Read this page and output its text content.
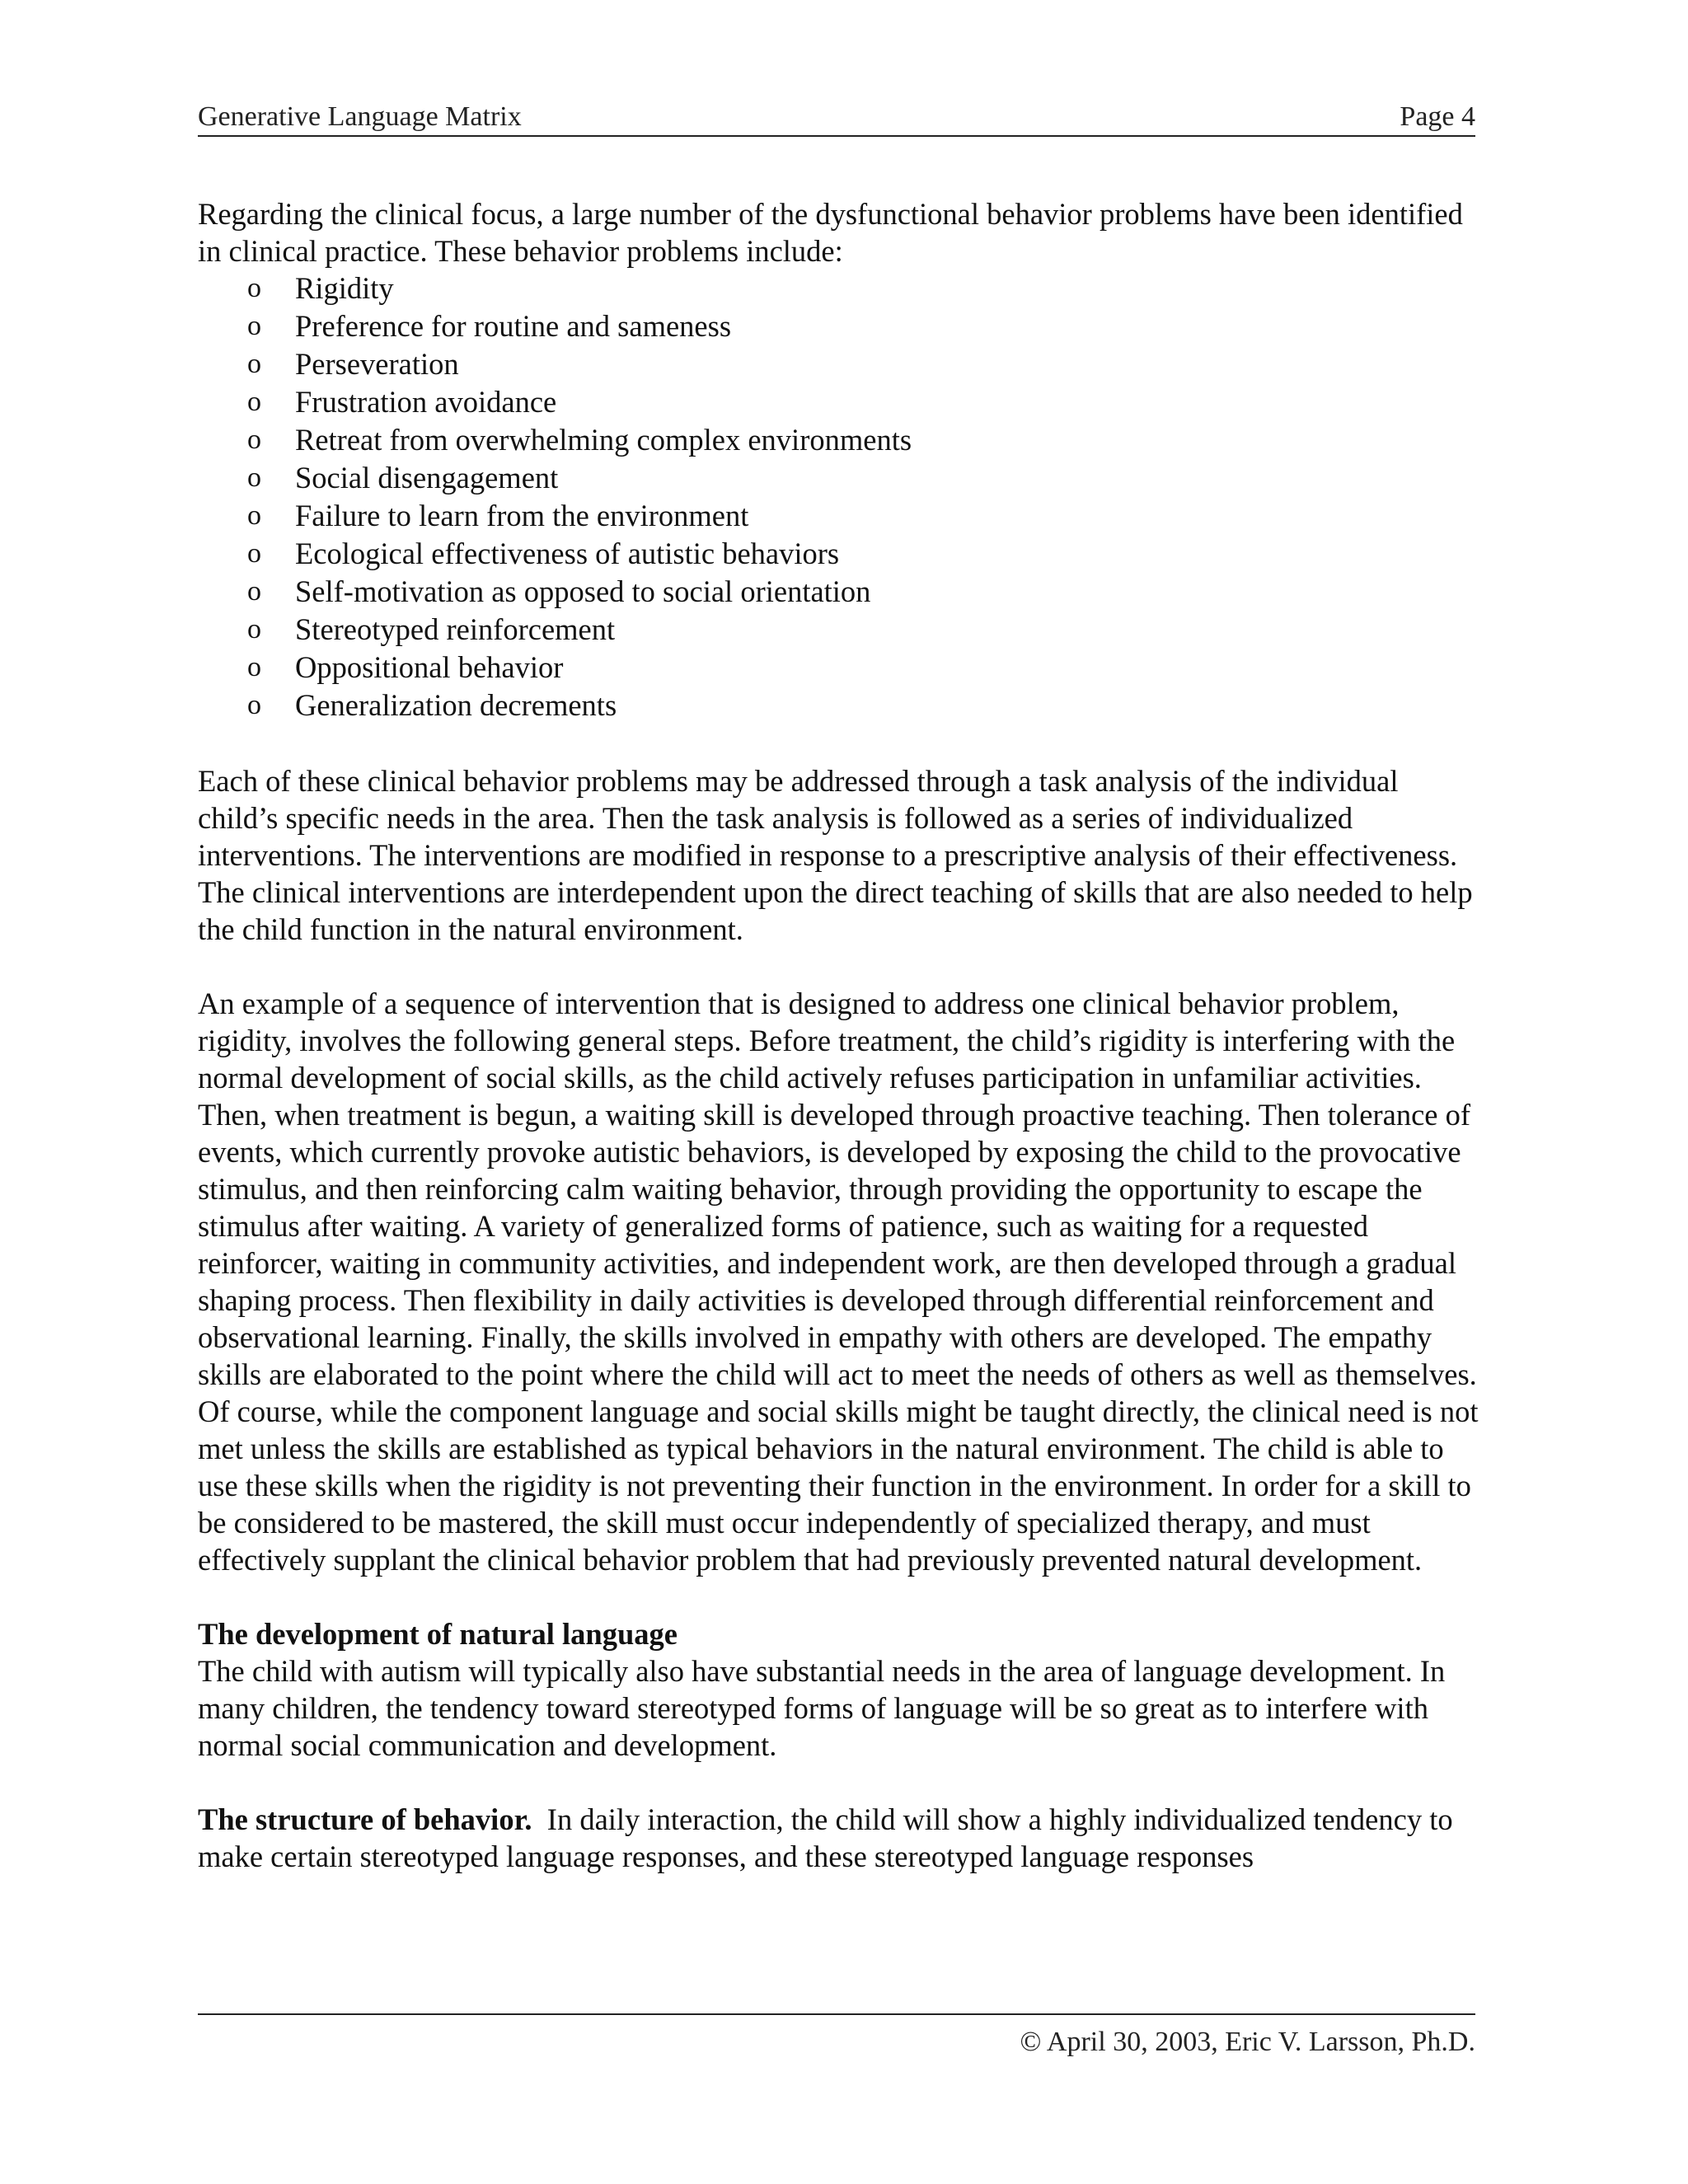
Generative Language Matrix	Page 4

Regarding the clinical focus, a large number of the dysfunctional behavior problems have been identified in clinical practice. These behavior problems include:

o Rigidity
o Preference for routine and sameness
o Perseveration
o Frustration avoidance
o Retreat from overwhelming complex environments
o Social disengagement
o Failure to learn from the environment
o Ecological effectiveness of autistic behaviors
o Self-motivation as opposed to social orientation
o Stereotyped reinforcement
o Oppositional behavior
o Generalization decrements

Each of these clinical behavior problems may be addressed through a task analysis of the individual child’s specific needs in the area. Then the task analysis is followed as a series of individualized interventions. The interventions are modified in response to a prescriptive analysis of their effectiveness. The clinical interventions are interdependent upon the direct teaching of skills that are also needed to help the child function in the natural environment.

An example of a sequence of intervention that is designed to address one clinical behavior problem, rigidity, involves the following general steps. Before treatment, the child’s rigidity is interfering with the normal development of social skills, as the child actively refuses participation in unfamiliar activities. Then, when treatment is begun, a waiting skill is developed through proactive teaching. Then tolerance of events, which currently provoke autistic behaviors, is developed by exposing the child to the provocative stimulus, and then reinforcing calm waiting behavior, through providing the opportunity to escape the stimulus after waiting. A variety of generalized forms of patience, such as waiting for a requested reinforcer, waiting in community activities, and independent work, are then developed through a gradual shaping process. Then flexibility in daily activities is developed through differential reinforcement and observational learning. Finally, the skills involved in empathy with others are developed. The empathy skills are elaborated to the point where the child will act to meet the needs of others as well as themselves. Of course, while the component language and social skills might be taught directly, the clinical need is not met unless the skills are established as typical behaviors in the natural environment. The child is able to use these skills when the rigidity is not preventing their function in the environment. In order for a skill to be considered to be mastered, the skill must occur independently of specialized therapy, and must effectively supplant the clinical behavior problem that had previously prevented natural development.

The development of natural language

The child with autism will typically also have substantial needs in the area of language development. In many children, the tendency toward stereotyped forms of language will be so great as to interfere with normal social communication and development.

The structure of behavior.  In daily interaction, the child will show a highly individualized tendency to make certain stereotyped language responses, and these stereotyped language responses

© April 30, 2003, Eric V. Larsson, Ph.D.
